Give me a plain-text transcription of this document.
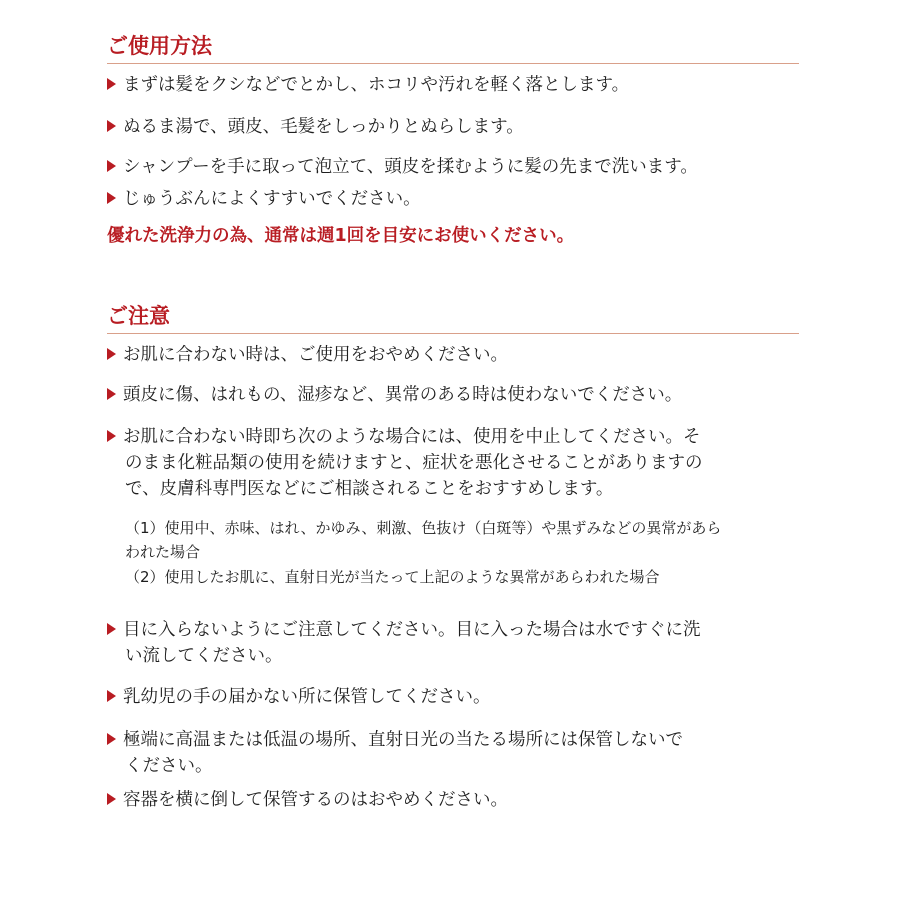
ご使用方法
まずは髪をクシなどでとかし、ホコリや汚れを軽く落とします。
ぬるま湯で、頭皮、毛髪をしっかりとぬらします。
シャンプーを手に取って泡立て、頭皮を揉むように髪の先まで洗います。
じゅうぶんによくすすいでください。
優れた洗浄力の為、通常は週1回を目安にお使いください。
ご注意
お肌に合わない時は、ご使用をおやめください。
頭皮に傷、はれもの、湿疹など、異常のある時は使わないでください。
お肌に合わない時即ち次のような場合には、使用を中止してください。そ
のまま化粧品類の使用を続けますと、症状を悪化させることがありますの
で、皮膚科専門医などにご相談されることをおすすめします。
（1）使用中、赤味、はれ、かゆみ、刺激、色抜け（白斑等）や黒ずみなどの異常があら
われた場合
（2）使用したお肌に、直射日光が当たって上記のような異常があらわれた場合
目に入らないようにご注意してください。目に入った場合は水ですぐに洗
い流してください。
乳幼児の手の届かない所に保管してください。
極端に高温または低温の場所、直射日光の当たる場所には保管しないで
ください。
容器を横に倒して保管するのはおやめください。
